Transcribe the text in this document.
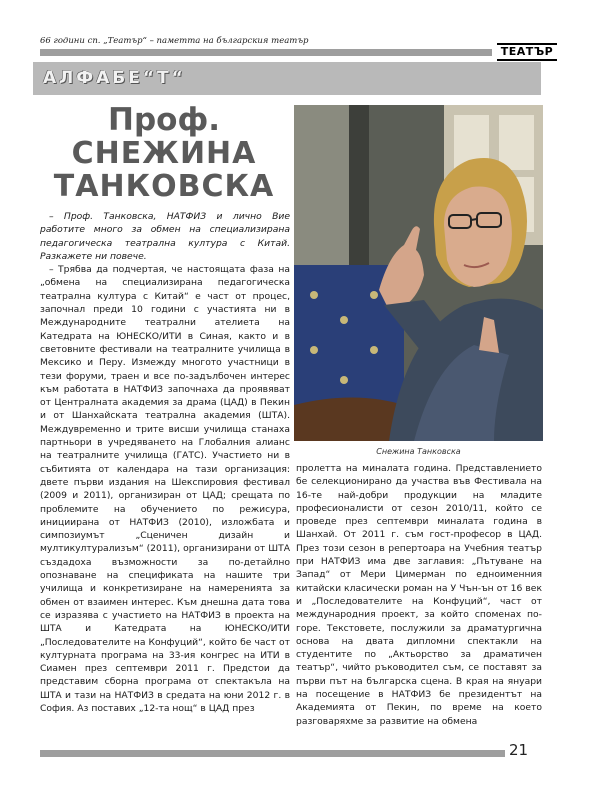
66 години сп. „Театър“ – паметта на българския театър
ТЕАТЪР
АЛФАБЕ“Т“
Проф.
СНЕЖИНА
ТАНКОВСКА

– Проф. Танковска, НАТФИЗ и лично Вие работите много за обмен на специализирана педагогическа театрална култура с Китай. Разкажете ни повече.

– Трябва да подчертая, че настоящата фаза на „обмена на специализирана педагогическа театрална култура с Китай“ е част от процес, започнал преди 10 години с участията ни в Международните театрални ателиета на Катедрата на ЮНЕСКО/ИТИ в Синая, както и в световните фестивали на театралните училища в Мексико и Перу. Измежду многото участници в тези форуми, траен и все по-задълбочен интерес към работата в НАТФИЗ започнаха да проявяват от Централната академия за драма (ЦАД) в Пекин и от Шанхайската театрална академия (ШТА). Междувременно и трите висши училища станаха партньори в учредяването на Глобалния алианс на театралните училища (ГАТС). Участието ни в събитията от календара на тази организация: двете първи издания на Шекспировия фестивал (2009 и 2011), организиран от ЦАД; срещата по проблемите на обучението по режисура, инициирана от НАТФИЗ (2010), изложбата и симпозиумът „Сценичен дизайн и мултикултурализъм“ (2011), организирани от ШТА създадоха възможности за по-детайлно опознаване на спецификата на нашите три училища и конкретизиране на намеренията за обмен от взаимен интерес. Към днешна дата това се изразява с участието на НАТФИЗ в проекта на ШТА и Катедрата на ЮНЕСКО/ИТИ „Последователите на Конфуций“, който бе част от културната програма на 33-ия конгрес на ИТИ в Сиамен през септември 2011 г. Предстои да представим сборна програма от спектакъла на ШТА и тази на НАТФИЗ в средата на юни 2012 г. в София. Аз поставих „12-та нощ“ в ЦАД през

Снежина Танковска

пролетта на миналата година. Представлението бе селекционирано да участва във Фестивала на 16-те най-добри продукции на младите професионалисти от сезон 2010/11, който се проведе през септември миналата година в Шанхай. От 2011 г. съм гост-професор в ЦАД. През този сезон в репертоара на Учебния театър при НАТФИЗ има две заглавия: „Пътуване на Запад“ от Мери Цимерман по едноименния китайски класически роман на У Чън-ън от 16 век и „Последователите на Конфуций“, част от международния проект, за който споменах по-горе. Текстовете, послужили за драматургична основа на двата дипломни спектакли на студентите по „Актьорство за драматичен театър“, чийто ръководител съм, се поставят за първи път на българска сцена. В края на януари на посещение в НАТФИЗ бе президентът на Академията от Пекин, по време на което разговаряхме за развитие на обмена

21
